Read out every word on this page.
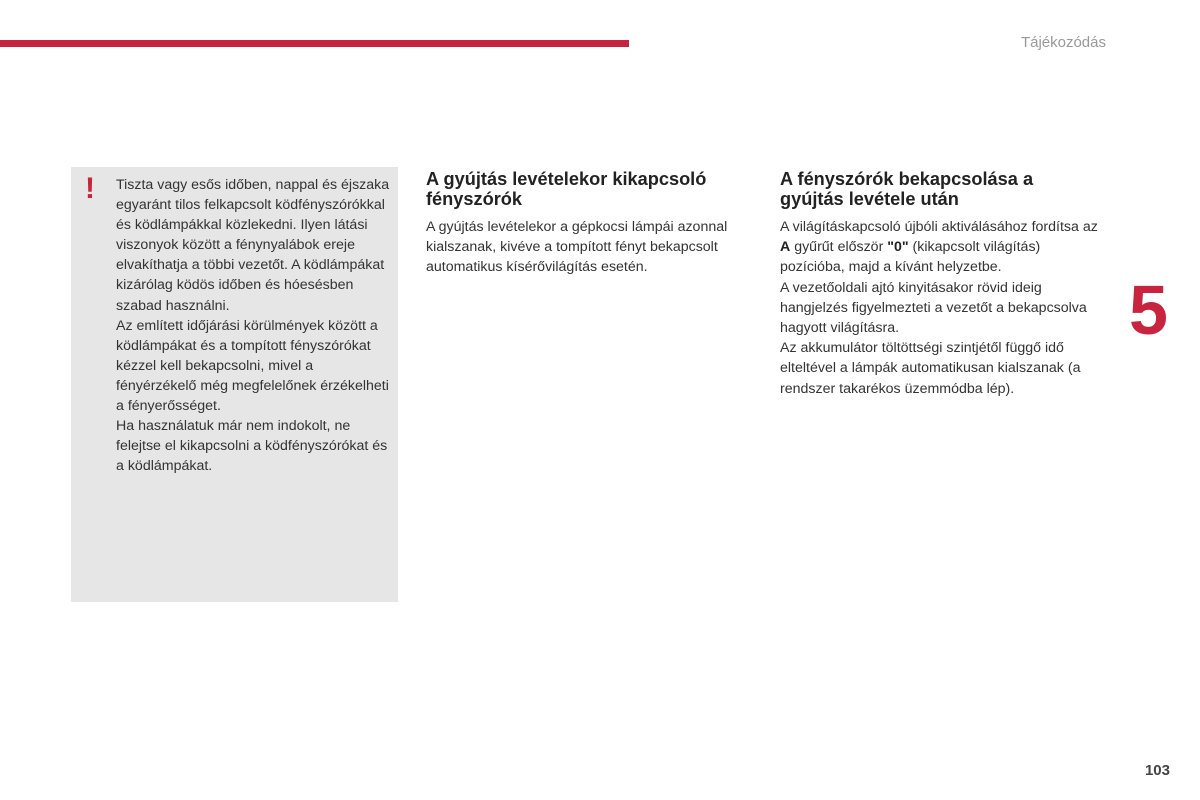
Tájékozódás
! Tiszta vagy esős időben, nappal és éjszaka egyaránt tilos felkapcsolt ködfényszórókkal és ködlámpákkal közlekedni. Ilyen látási viszonyok között a fénynyalábok ereje elvakíthatja a többi vezetőt. A ködlámpákat kizárólag ködös időben és hóesésben szabad használni.
Az említett időjárási körülmények között a ködlámpákat és a tompított fényszórókat kézzel kell bekapcsolni, mivel a fényérzékelő még megfelelőnek érzékelheti a fényerősséget.
Ha használatuk már nem indokolt, ne felejtse el kikapcsolni a ködfényszórókat és a ködlámpákat.

A gyújtás levételekor kikapcsoló fényszórók

A gyújtás levételekor a gépkocsi lámpái azonnal kialszanak, kivéve a tompított fényt bekapcsolt automatikus kísérővilágítás esetén.

A fényszórók bekapcsolása a gyújtás levétele után

A világításkapcsoló újbóli aktiválásához fordítsa az A gyűrűt először "0" (kikapcsolt világítás) pozícióba, majd a kívánt helyzetbe.
A vezetőoldali ajtó kinyitásakor rövid ideig hangjelzés figyelmezteti a vezetőt a bekapcsolva hagyott világításra.
Az akkumulátor töltöttségi szintjétől függő idő elteltével a lámpák automatikusan kialszanak (a rendszer takarékos üzemmódba lép).

5
103
